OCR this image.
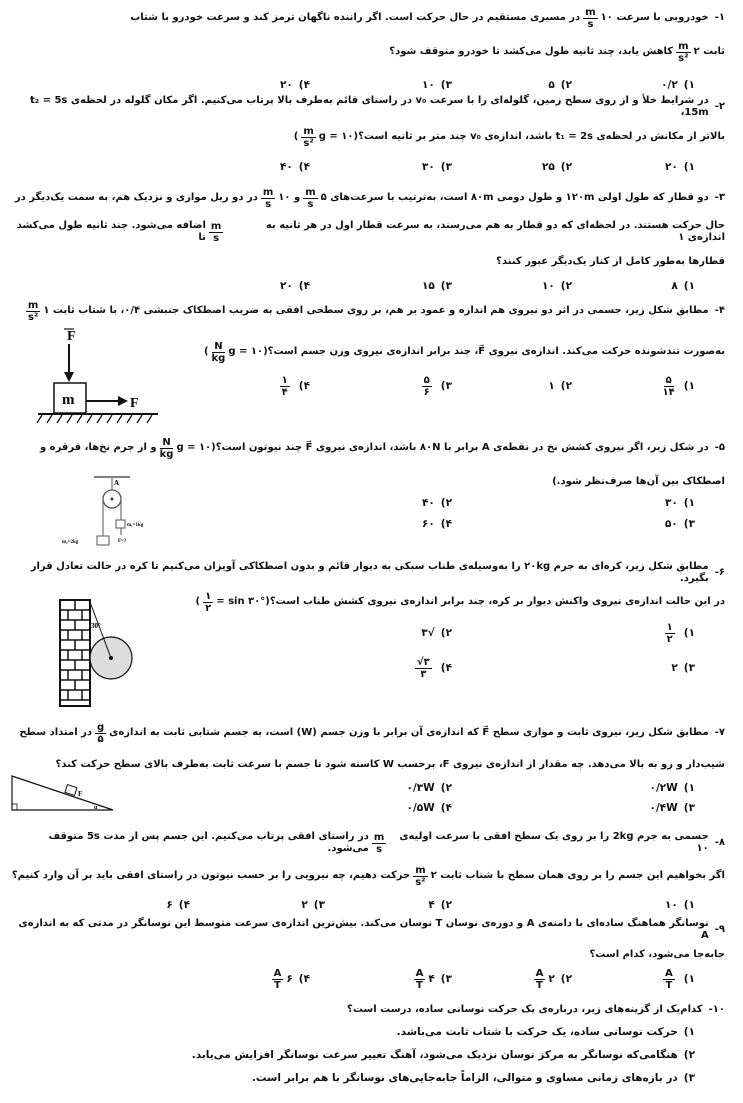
۱-
خودرویی با سرعت ۱۰
$\frac{m}{s}$
در مسیری مستقیم در حال حرکت است. اگر راننده ناگهان ترمز کند و سرعت خودرو با شتاب
ثابت ۲
$\frac{m}{\text{s²}}$
کاهش یابد، چند ثانیه طول می‌کشد تا خودرو متوقف شود؟
۱)
۰/۲
۲)
۵
۳)
۱۰
۴)
۲۰
۲-
در شرایط خلأ و از روی سطح زمین، گلوله‌ای را با سرعت v₀ در راستای قائم به‌طرف بالا پرتاب می‌کنیم. اگر مکان گلوله در لحظه‌ی t₂ = 5s ،15m
بالاتر از مکانش در لحظه‌ی t₁ = 2s باشد، اندازه‌ی v₀ چند متر بر ثانیه است؟
(g = ۱۰
$\frac{m}{\text{s²}}$
)
۱)
۲۰
۲)
۲۵
۳)
۳۰
۴)
۴۰
۳-
دو قطار که طول اولی ۱۲۰m و طول دومی ۸۰m است، به‌ترتیب با سرعت‌های ۵
$\frac{m}{s}$
و ۱۰
$\frac{m}{s}$
در دو ریل موازی و نزدیک هم، به سمت یک‌دیگر در
حال حرکت هستند. در لحظه‌ای که دو قطار به هم می‌رسند، به سرعت قطار اول در هر ثانیه به اندازه‌ی ۱
$\frac{m}{s}$
اضافه می‌شود. چند ثانیه طول می‌کشد تا
قطارها به‌طور کامل از کنار یک‌دیگر عبور کنند؟
۱)
۸
۲)
۱۰
۳)
۱۵
۴)
۲۰
۴-
مطابق شکل زیر، جسمی در اثر دو نیروی هم اندازه و عمود بر هم، بر روی سطحی افقی به ضریب اصطکاک جنبشی ۰/۴، با شتاب ثابت ۱
$\frac{m}{\text{s²}}$
به‌صورت تندشونده حرکت می‌کند. اندازه‌ی نیروی F⃗، چند برابر اندازه‌ی نیروی وزن جسم است؟
(g = ۱۰
$\frac{N}{kg}$
)
۱)
$\frac{۵}{۱۴}$
۲)
۱
۳)
$\frac{۵}{۶}$
۴)
$\frac{۱}{۴}$
۵-
در شکل زیر، اگر نیروی کشش نخ در نقطه‌ی A برابر با ۸۰N باشد، اندازه‌ی نیروی F⃗ چند نیوتون است؟
(g = ۱۰
$\frac{N}{kg}$
و از جرم نخ‌ها، قرقره و
اصطکاک بین آن‌ها صرف‌نظر شود.)
۱)
۳۰
۲)
۴۰
۳)
۵۰
۴)
۶۰
۶-
مطابق شکل زیر، کره‌ای به جرم ۲۰kg را به‌وسیله‌ی طناب سبکی به دیوار قائم و بدون اصطکاکی آویزان می‌کنیم تا کره در حالت تعادل قرار بگیرد.
در این حالت اندازه‌ی نیروی واکنش دیوار بر کره، چند برابر اندازه‌ی نیروی کشش طناب است؟
(sin ۳۰° =
$\frac{۱}{۲}$
)
۱)
$\frac{۱}{۲}$
۲)
√۳
۳)
۲
۴)
$\frac{√۳}{۳}$
۷-
مطابق شکل زیر، نیروی ثابت و موازی سطح F⃗ که اندازه‌ی آن برابر با وزن جسم (W) است، به جسم شتابی ثابت به اندازه‌ی
$\frac{g}{۵}$
در امتداد سطح
شیب‌دار و رو به بالا می‌دهد. چه مقدار از اندازه‌ی نیروی F، برحسب W کاسته شود تا جسم با سرعت ثابت به‌طرف بالای سطح حرکت کند؟
۱)
۰/۲W
۲)
۰/۳W
۳)
۰/۴W
۴)
۰/۵W
۸-
جسمی به جرم 2kg را بر روی یک سطح افقی با سرعت اولیه‌ی ۱۰
$\frac{m}{s}$
در راستای افقی پرتاب می‌کنیم. این جسم پس از مدت 5s متوقف می‌شود.
اگر بخواهیم این جسم را بر روی همان سطح با شتاب ثابت ۲
$\frac{m}{\text{s²}}$
حرکت دهیم، چه نیرویی را بر حسب نیوتون در راستای افقی باید بر آن وارد کنیم؟
۱)
۱۰
۲)
۴
۳)
۲
۴)
۶
۹-
نوسانگر هماهنگ ساده‌ای با دامنه‌ی A و دوره‌ی نوسان T نوسان می‌کند. بیش‌ترین اندازه‌ی سرعت متوسط این نوسانگر در مدتی که به اندازه‌ی A
جابه‌جا می‌شود، کدام است؟
۱)
$\frac{A}{T}$
۲)
۲
$\frac{A}{T}$
۳)
۴
$\frac{A}{T}$
۴)
۶
$\frac{A}{T}$
۱۰-
کدام‌یک از گزینه‌های زیر، درباره‌ی یک حرکت نوسانی ساده، درست است؟
۱)
حرکت نوسانی ساده، یک حرکت با شتاب ثابت می‌باشد.
۲)
هنگامی‌که نوسانگر به مرکز نوسان نزدیک می‌شود، آهنگ تغییر سرعت نوسانگر افزایش می‌یابد.
۳)
در بازه‌های زمانی مساوی و متوالی، الزاماً جابه‌جایی‌های نوسانگر با هم برابر است.
F
m	F
A
m₁=1kg
F=?
m₂=2kg
30°
F
α
